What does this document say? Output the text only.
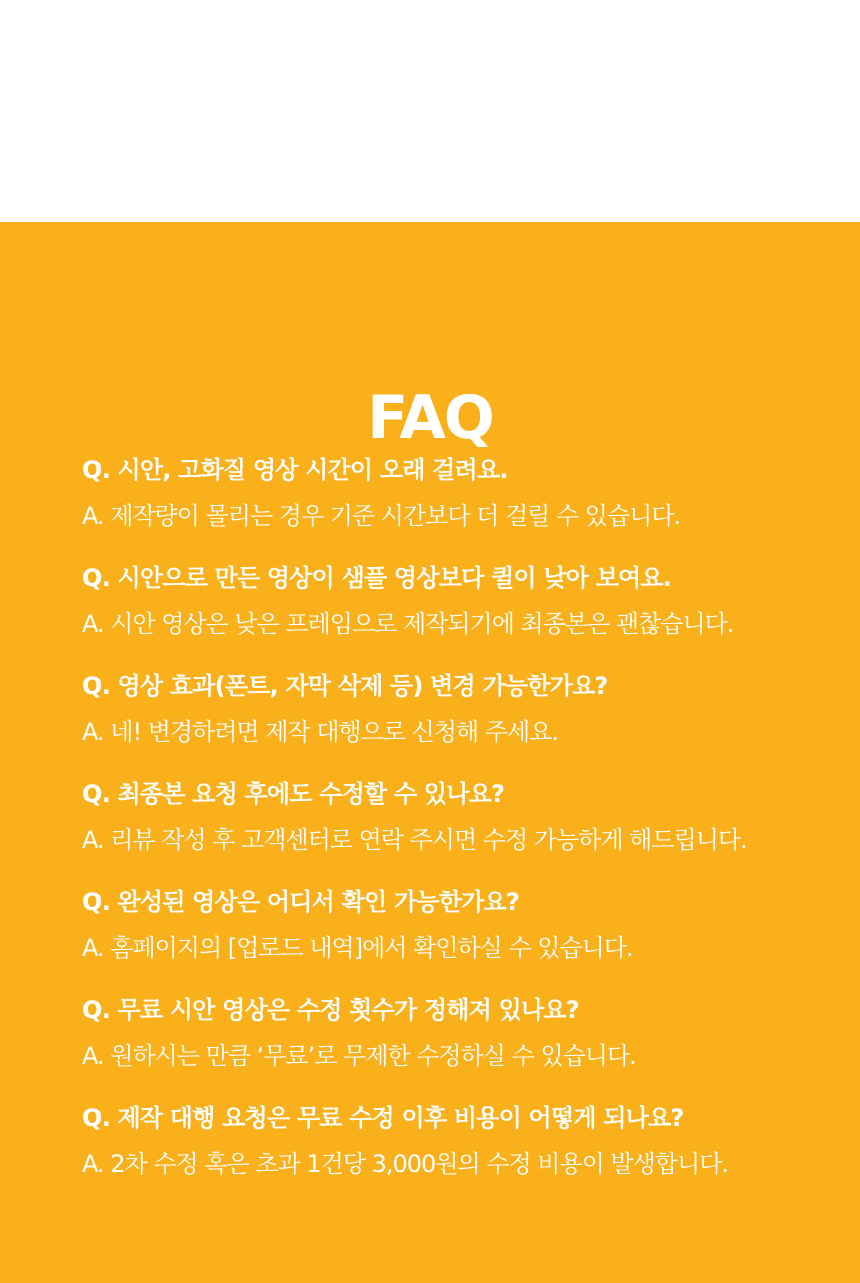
FAQ
Q. 시안, 고화질 영상 시간이 오래 걸려요.
A. 제작량이 몰리는 경우 기준 시간보다 더 걸릴 수 있습니다.
Q. 시안으로 만든 영상이 샘플 영상보다 퀼이 낮아 보여요.
A. 시안 영상은 낮은 프레임으로 제작되기에 최종본은 괜찮습니다.
Q. 영상 효과(폰트, 자막 삭제 등) 변경 가능한가요?
A. 네! 변경하려면 제작 대행으로 신청해 주세요.
Q. 최종본 요청 후에도 수정할 수 있나요?
A. 리뷰 작성 후 고객센터로 연락 주시면 수정 가능하게 해드립니다.
Q. 완성된 영상은 어디서 확인 가능한가요?
A. 홈페이지의 [업로드 내역]에서 확인하실 수 있습니다.
Q. 무료 시안 영상은 수정 횟수가 정해져 있나요?
A. 원하시는 만큼 ‘무료’로 무제한 수정하실 수 있습니다.
Q. 제작 대행 요청은 무료 수정 이후 비용이 어떻게 되나요?
A. 2차 수정 혹은 초과 1건당 3,000원의 수정 비용이 발생합니다.
